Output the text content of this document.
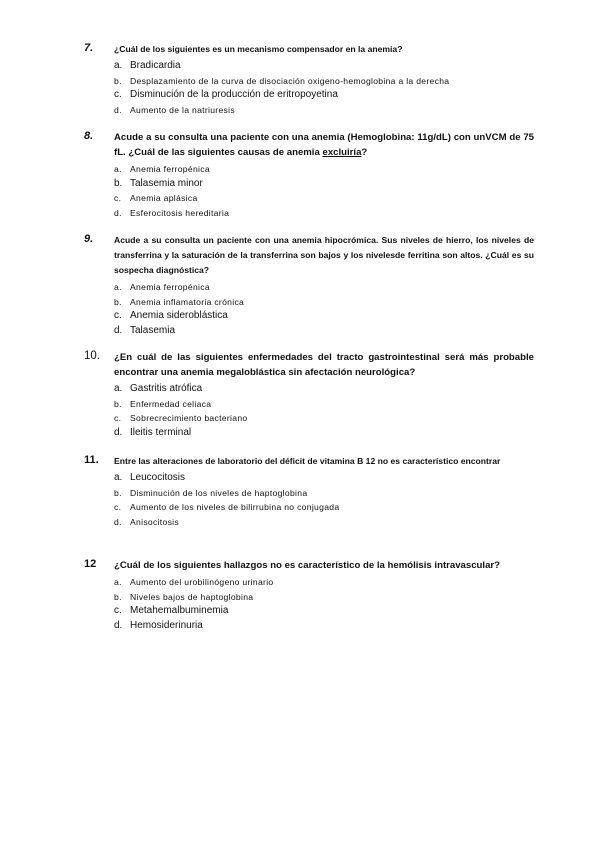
7. ¿Cuál de los siguientes es un mecanismo compensador en la anemia?
a. Bradicardia
b. Desplazamiento de la curva de disociación oxigeno-hemoglobina a la derecha
c. Disminución de la producción de eritropoyetina
d. Aumento de la natriuresis
8. Acude a su consulta una paciente con una anemia (Hemoglobina: 11g/dL) con unVCM de 75 fL. ¿Cuál de las siguientes causas de anemia excluiría?
a. Anemia ferropénica
b. Talasemia minor
c. Anemia aplásica
d. Esferocitosis hereditaria
9. Acude a su consulta un paciente con una anemia hipocrómica. Sus niveles de hierro, los niveles de transferrina y la saturación de la transferrina son bajos y los nivelesde ferritina son altos. ¿Cuál es su sospecha diagnóstica?
a. Anemia ferropénica
b. Anemia inflamatoria crónica
c. Anemia sideroblástica
d. Talasemia
10. ¿En cuál de las siguientes enfermedades del tracto gastrointestinal será más probable encontrar una anemia megaloblástica sin afectación neurológica?
a. Gastritis atrófica
b. Enfermedad celiaca
c. Sobrecrecimiento bacteriano
d. Ileitis terminal
11. Entre las alteraciones de laboratorio del déficit de vitamina B 12 no es característico encontrar
a. Leucocitosis
b. Disminución de los niveles de haptoglobina
c. Aumento de los niveles de bilirrubina no conjugada
d. Anisocitosis
12 ¿Cuál de los siguientes hallazgos no es característico de la hemólisis intravascular?
a. Aumento del urobilinógeno urinario
b. Niveles bajos de haptoglobina
c. Metahemalbuminemia
d. Hemosiderinuria
